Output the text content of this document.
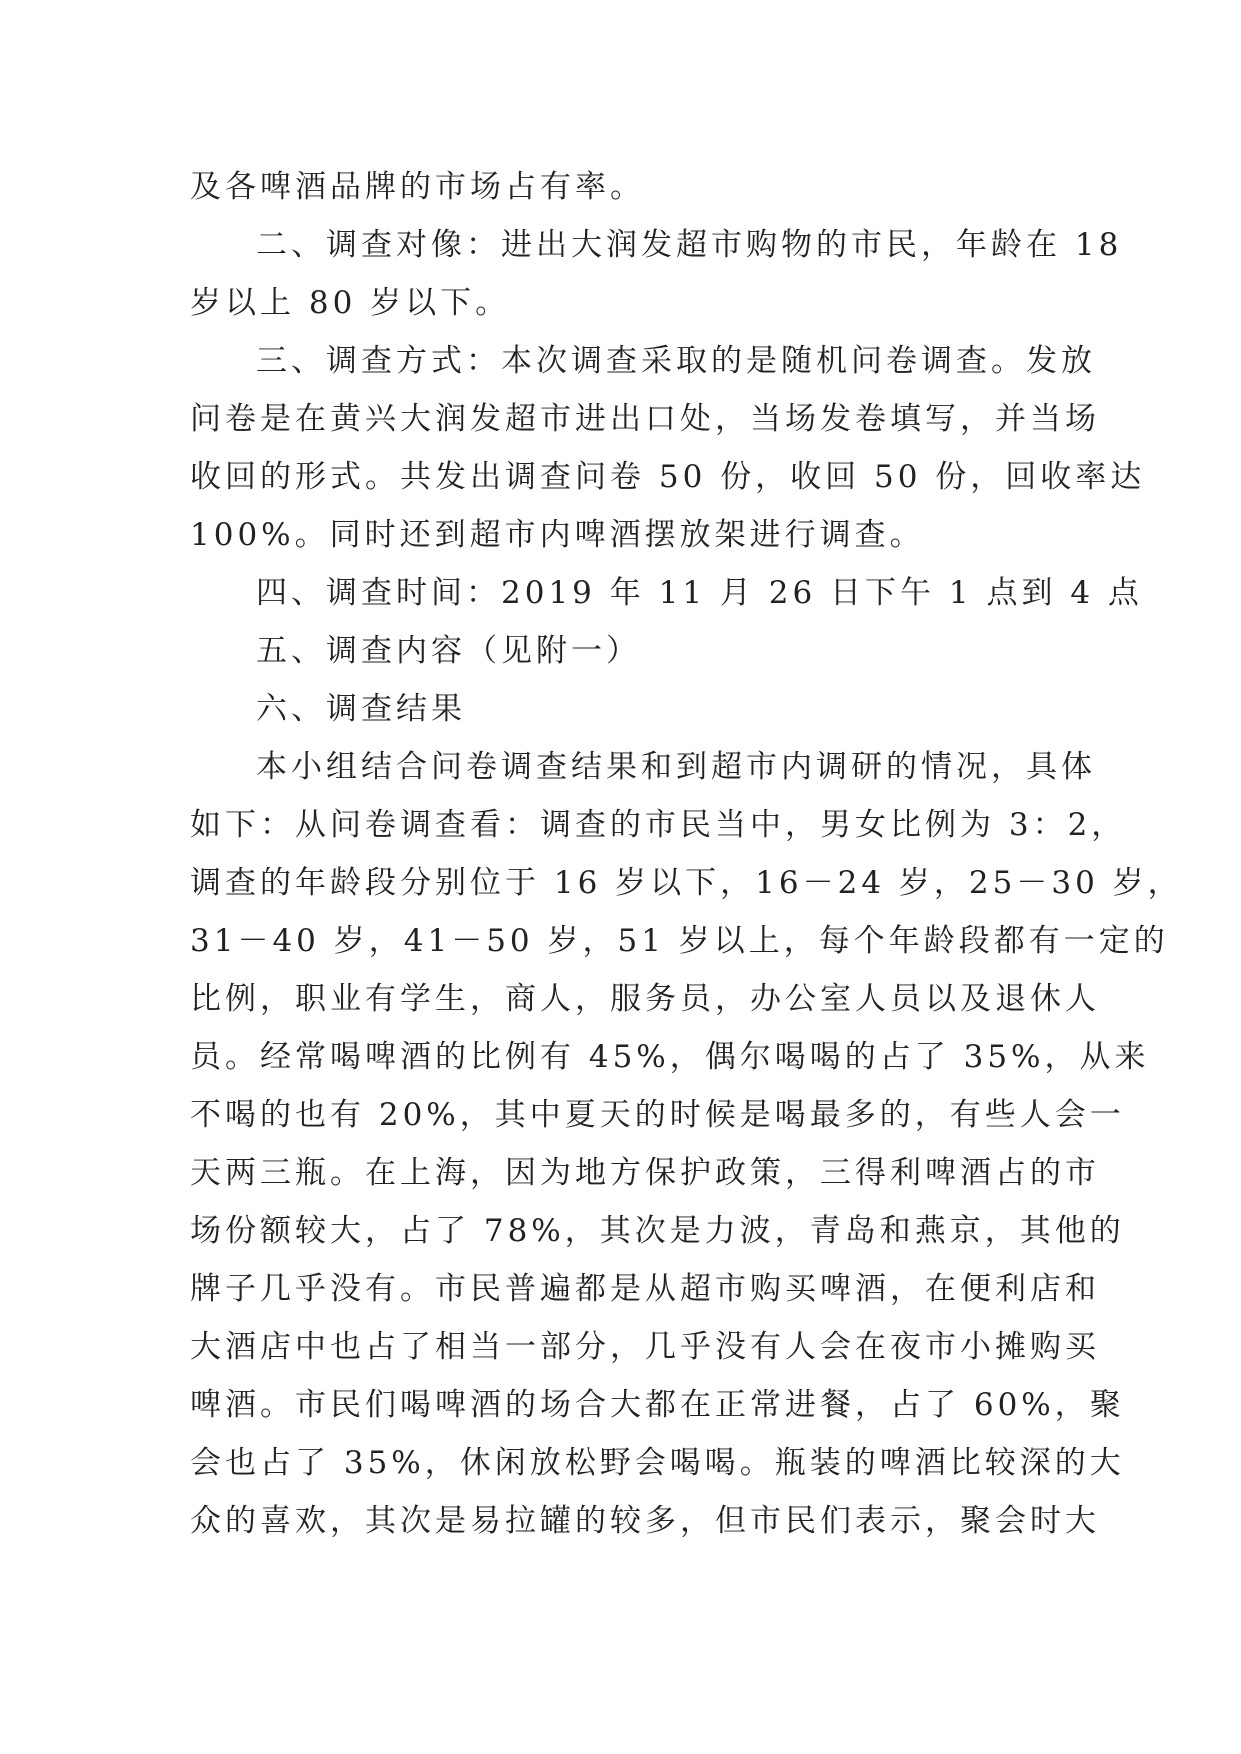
及各啤酒品牌的市场占有率。
二、调查对像：进出大润发超市购物的市民，年龄在 18
岁以上 80 岁以下。
三、调查方式：本次调查采取的是随机问卷调查。发放
问卷是在黄兴大润发超市进出口处，当场发卷填写，并当场
收回的形式。共发出调查问卷 50 份，收回 50 份，回收率达
100%。同时还到超市内啤酒摆放架进行调查。
四、调查时间：2019 年 11 月 26 日下午 1 点到 4 点
五、调查内容（见附一）
六、调查结果
本小组结合问卷调查结果和到超市内调研的情况，具体
如下：从问卷调查看：调查的市民当中，男女比例为 3：2，
调查的年龄段分别位于 16 岁以下，16－24 岁，25－30 岁，
31－40 岁，41－50 岁，51 岁以上，每个年龄段都有一定的
比例，职业有学生，商人，服务员，办公室人员以及退休人
员。经常喝啤酒的比例有 45%，偶尔喝喝的占了 35%，从来
不喝的也有 20%，其中夏天的时候是喝最多的，有些人会一
天两三瓶。在上海，因为地方保护政策，三得利啤酒占的市
场份额较大，占了 78%，其次是力波，青岛和燕京，其他的
牌子几乎没有。市民普遍都是从超市购买啤酒，在便利店和
大酒店中也占了相当一部分，几乎没有人会在夜市小摊购买
啤酒。市民们喝啤酒的场合大都在正常进餐，占了 60%，聚
会也占了 35%，休闲放松野会喝喝。瓶装的啤酒比较深的大
众的喜欢，其次是易拉罐的较多，但市民们表示，聚会时大
